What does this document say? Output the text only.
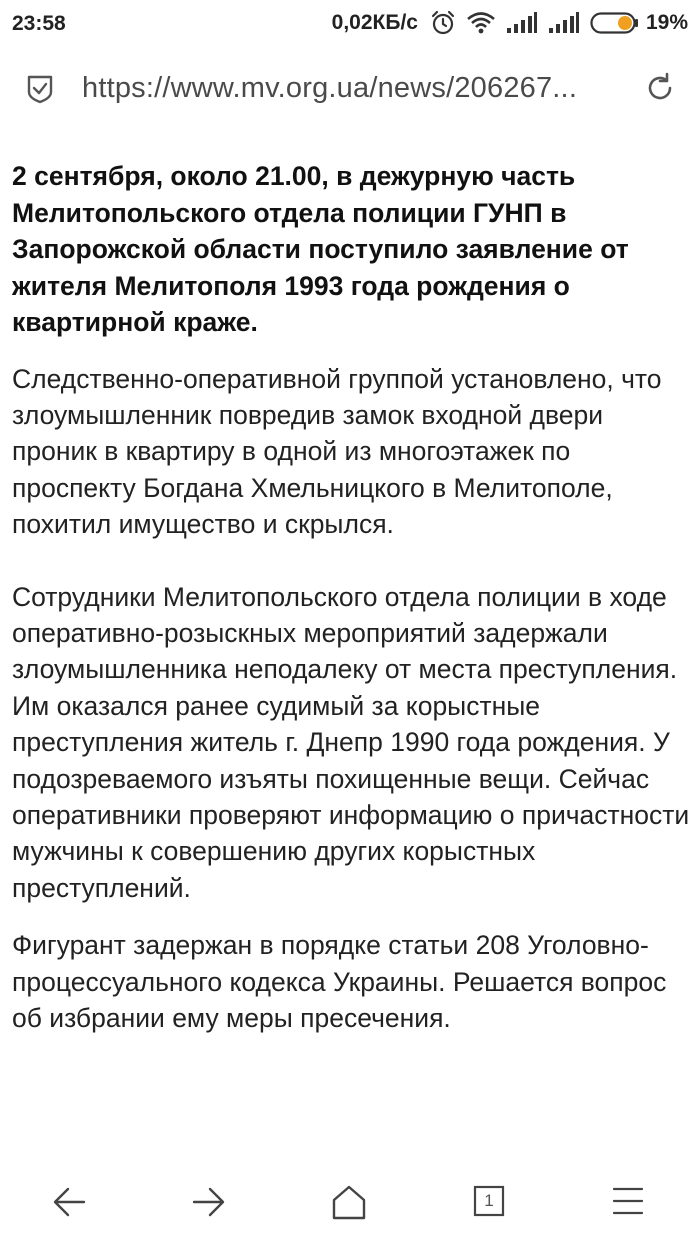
23:58	0,02КБ/с	19%
https://www.mv.org.ua/news/206267...

2 сентября, около 21.00, в дежурную часть Мелитопольского отдела полиции ГУНП в Запорожской области поступило заявление от жителя Мелитополя 1993 года рождения о квартирной краже.

Следственно-оперативной группой установлено, что злоумышленник повредив замок входной двери проник в квартиру в одной из многоэтажек по проспекту Богдана Хмельницкого в Мелитополе, похитил имущество и скрылся.

Сотрудники Мелитопольского отдела полиции в ходе оперативно-розыскных мероприятий задержали злоумышленника неподалеку от места преступления. Им оказался ранее судимый за корыстные преступления житель г. Днепр 1990 года рождения. У подозреваемого изъяты похищенные вещи. Сейчас оперативники проверяют информацию о причастности мужчины к совершению других корыстных преступлений.

Фигурант задержан в порядке статьи 208 Уголовно-процессуального кодекса Украины. Решается вопрос об избрании ему меры пресечения.

1
